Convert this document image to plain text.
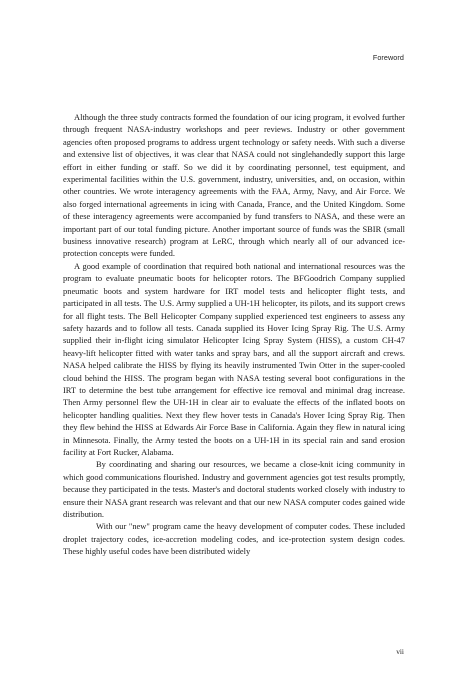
Foreword

Although the three study contracts formed the foundation of our icing program, it evolved further through frequent NASA-industry workshops and peer reviews. Industry or other government agencies often proposed programs to address urgent technology or safety needs. With such a diverse and extensive list of objectives, it was clear that NASA could not singlehandedly support this large effort in either funding or staff. So we did it by coordinating personnel, test equipment, and experimental facilities within the U.S. government, industry, universities, and, on occasion, within other countries. We wrote interagency agreements with the FAA, Army, Navy, and Air Force. We also forged international agreements in icing with Canada, France, and the United Kingdom. Some of these interagency agreements were accompanied by fund transfers to NASA, and these were an important part of our total funding picture. Another important source of funds was the SBIR (small business innovative research) program at LeRC, through which nearly all of our advanced ice-protection concepts were funded.

A good example of coordination that required both national and international resources was the program to evaluate pneumatic boots for helicopter rotors. The BFGoodrich Company supplied pneumatic boots and system hardware for IRT model tests and helicopter flight tests, and participated in all tests. The U.S. Army supplied a UH-1H helicopter, its pilots, and its support crews for all flight tests. The Bell Helicopter Company supplied experienced test engineers to assess any safety hazards and to follow all tests. Canada supplied its Hover Icing Spray Rig. The U.S. Army supplied their in-flight icing simulator Helicopter Icing Spray System (HISS), a custom CH-47 heavy-lift helicopter fitted with water tanks and spray bars, and all the support aircraft and crews. NASA helped calibrate the HISS by flying its heavily instrumented Twin Otter in the super-cooled cloud behind the HISS. The program began with NASA testing several boot configurations in the IRT to determine the best tube arrangement for effective ice removal and minimal drag increase. Then Army personnel flew the UH-1H in clear air to evaluate the effects of the inflated boots on helicopter handling qualities. Next they flew hover tests in Canada's Hover Icing Spray Rig. Then they flew behind the HISS at Edwards Air Force Base in California. Again they flew in natural icing in Minnesota. Finally, the Army tested the boots on a UH-1H in its special rain and sand erosion facility at Fort Rucker, Alabama.

By coordinating and sharing our resources, we became a close-knit icing community in which good communications flourished. Industry and government agencies got test results promptly, because they participated in the tests. Master's and doctoral students worked closely with industry to ensure their NASA grant research was relevant and that our new NASA computer codes gained wide distribution.

With our "new" program came the heavy development of computer codes. These included droplet trajectory codes, ice-accretion modeling codes, and ice-protection system design codes. These highly useful codes have been distributed widely

vii
